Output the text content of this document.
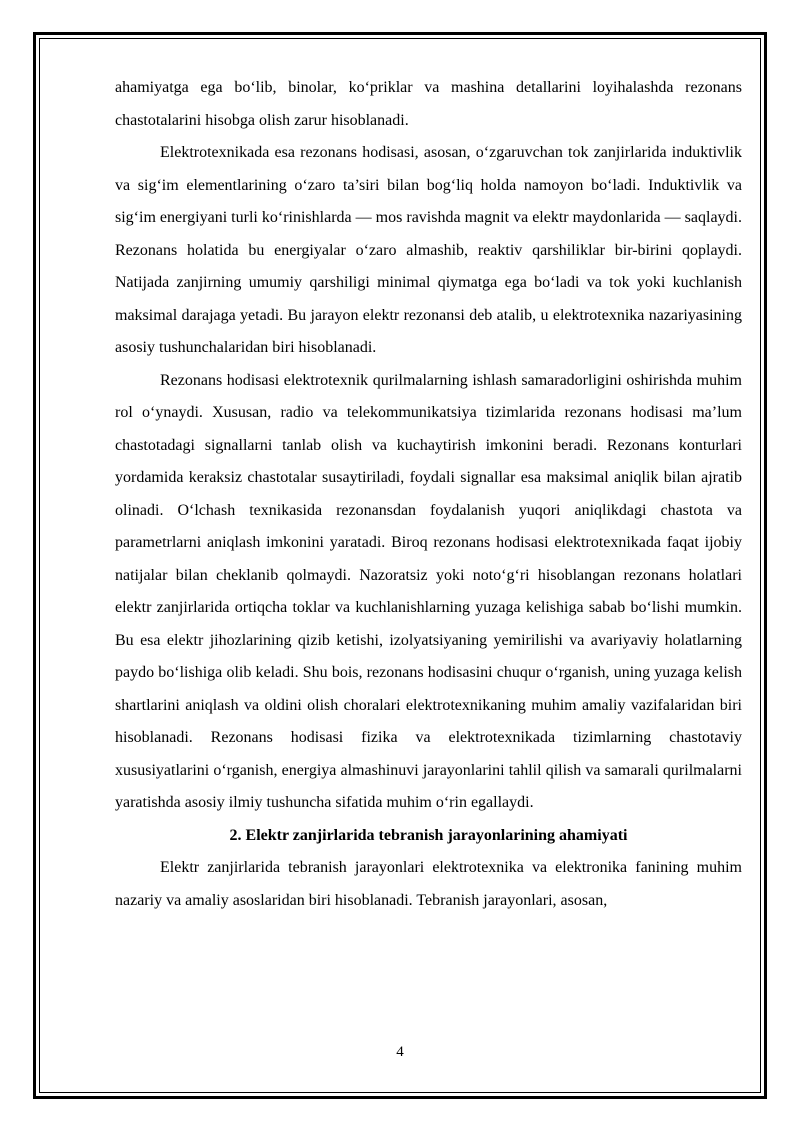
ahamiyatga ega bo‘lib, binolar, ko‘priklar va mashina detallarini loyihalashda rezonans chastotalarini hisobga olish zarur hisoblanadi.

Elektrotexnikada esa rezonans hodisasi, asosan, o‘zgaruvchan tok zanjirlarida induktivlik va sig‘im elementlarining o‘zaro ta’siri bilan bog‘liq holda namoyon bo‘ladi. Induktivlik va sig‘im energiyani turli ko‘rinishlarda — mos ravishda magnit va elektr maydonlarida — saqlaydi. Rezonans holatida bu energiyalar o‘zaro almashib, reaktiv qarshiliklar bir-birini qoplaydi. Natijada zanjirning umumiy qarshiligi minimal qiymatga ega bo‘ladi va tok yoki kuchlanish maksimal darajaga yetadi. Bu jarayon elektr rezonansi deb atalib, u elektrotexnika nazariyasining asosiy tushunchalaridan biri hisoblanadi.

Rezonans hodisasi elektrotexnik qurilmalarning ishlash samaradorligini oshirishda muhim rol o‘ynaydi. Xususan, radio va telekommunikatsiya tizimlarida rezonans hodisasi ma’lum chastotadagi signallarni tanlab olish va kuchaytirish imkonini beradi. Rezonans konturlari yordamida keraksiz chastotalar susaytiriladi, foydali signallar esa maksimal aniqlik bilan ajratib olinadi. O‘lchash texnikasida rezonansdan foydalanish yuqori aniqlikdagi chastota va parametrlarni aniqlash imkonini yaratadi. Biroq rezonans hodisasi elektrotexnikada faqat ijobiy natijalar bilan cheklanib qolmaydi. Nazoratsiz yoki noto‘g‘ri hisoblangan rezonans holatlari elektr zanjirlarida ortiqcha toklar va kuchlanishlarning yuzaga kelishiga sabab bo‘lishi mumkin. Bu esa elektr jihozlarining qizib ketishi, izolyatsiyaning yemirilishi va avariyaviy holatlarning paydo bo‘lishiga olib keladi. Shu bois, rezonans hodisasini chuqur o‘rganish, uning yuzaga kelish shartlarini aniqlash va oldini olish choralari elektrotexnikaning muhim amaliy vazifalaridan biri hisoblanadi. Rezonans hodisasi fizika va elektrotexnikada tizimlarning chastotaviy xususiyatlarini o‘rganish, energiya almashinuvi jarayonlarini tahlil qilish va samarali qurilmalarni yaratishda asosiy ilmiy tushuncha sifatida muhim o‘rin egallaydi.

2. Elektr zanjirlarida tebranish jarayonlarining ahamiyati

Elektr zanjirlarida tebranish jarayonlari elektrotexnika va elektronika fanining muhim nazariy va amaliy asoslaridan biri hisoblanadi. Tebranish jarayonlari, asosan,

4
